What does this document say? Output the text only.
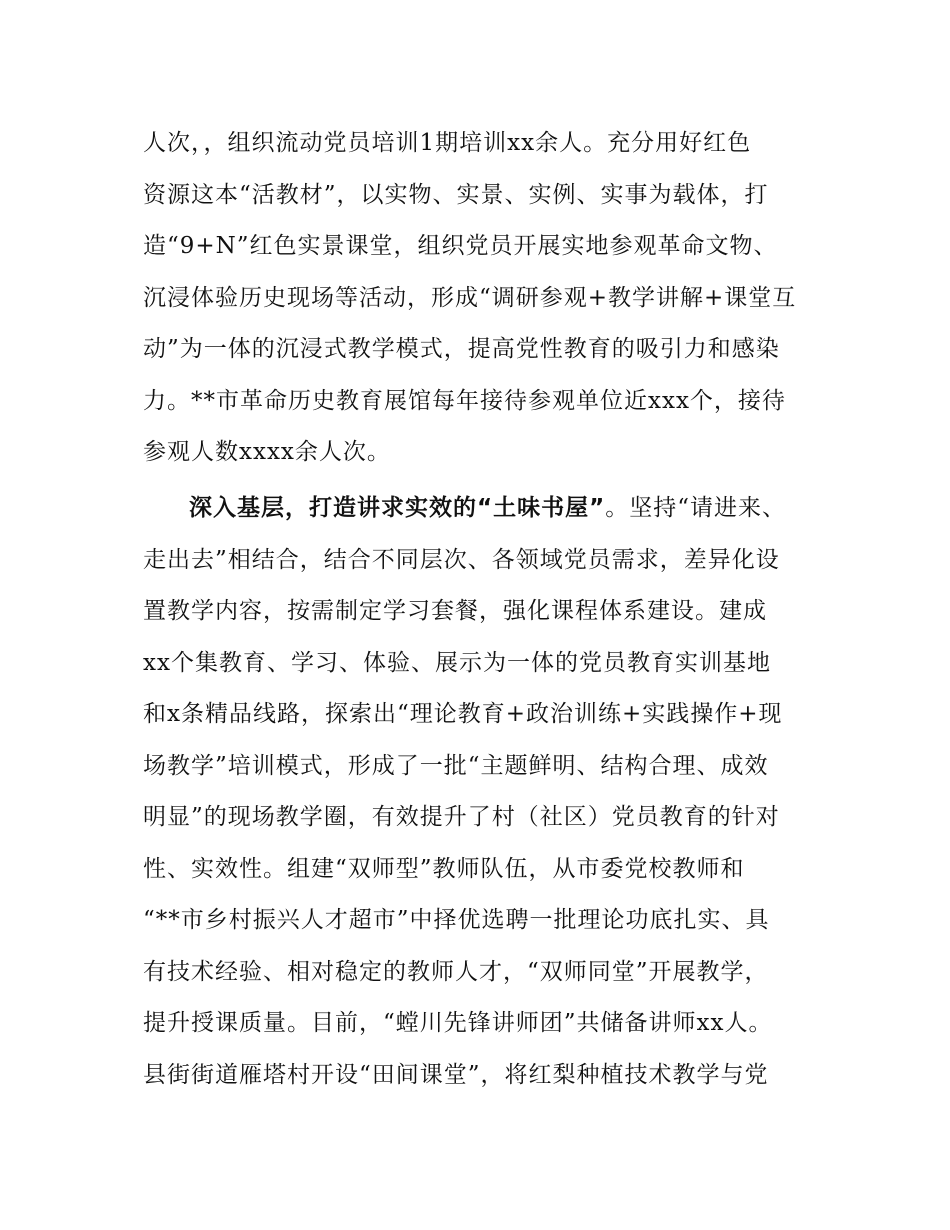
人次，，组织流动党员培训1期培训xx余人。充分用好红色
资源这本“活教材”，以实物、实景、实例、实事为载体，打
造“9+N”红色实景课堂，组织党员开展实地参观革命文物、
沉浸体验历史现场等活动，形成“调研参观+教学讲解+课堂互
动”为一体的沉浸式教学模式，提高党性教育的吸引力和感染
力。**市革命历史教育展馆每年接待参观单位近xxx个，接待
参观人数xxxx余人次。
深入基层，打造讲求实效的“土味书屋”。坚持“请进来、
走出去”相结合，结合不同层次、各领域党员需求，差异化设
置教学内容，按需制定学习套餐，强化课程体系建设。建成
xx个集教育、学习、体验、展示为一体的党员教育实训基地
和x条精品线路，探索出“理论教育+政治训练+实践操作+现
场教学”培训模式，形成了一批“主题鲜明、结构合理、成效
明显”的现场教学圈，有效提升了村（社区）党员教育的针对
性、实效性。组建“双师型”教师队伍，从市委党校教师和
“**市乡村振兴人才超市”中择优选聘一批理论功底扎实、具
有技术经验、相对稳定的教师人才，“双师同堂”开展教学，
提升授课质量。目前，“螳川先锋讲师团”共储备讲师xx人。
县街街道雁塔村开设“田间课堂”，将红梨种植技术教学与党
